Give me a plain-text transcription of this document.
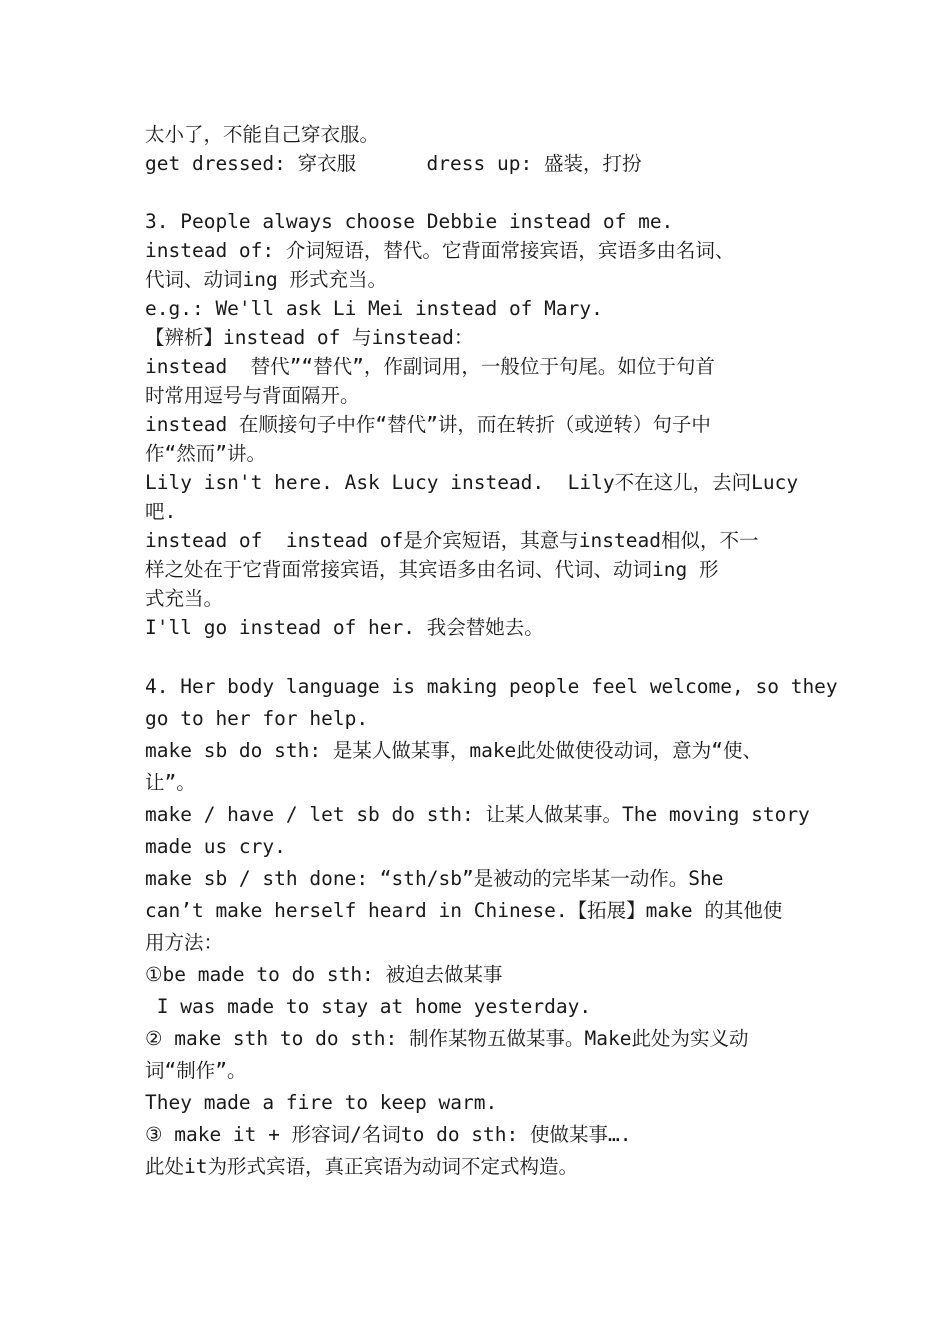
太小了，不能自己穿衣服。
get dressed: 穿衣服      dress up: 盛装，打扮
3. People always choose Debbie instead of me.
instead of: 介词短语，替代。它背面常接宾语，宾语多由名词、
代词、动词ing 形式充当。
e.g.: We'll ask Li Mei instead of Mary.
【辨析】instead of 与instead：
instead  替代”“替代”，作副词用，一般位于句尾。如位于句首
时常用逗号与背面隔开。
instead 在顺接句子中作“替代”讲，而在转折（或逆转）句子中
作“然而”讲。
Lily isn't here. Ask Lucy instead.  Lily不在这儿，去问Lucy
吧.
instead of  instead of是介宾短语，其意与instead相似，不一
样之处在于它背面常接宾语，其宾语多由名词、代词、动词ing 形
式充当。
I'll go instead of her. 我会替她去。
4. Her body language is making people feel welcome, so they
go to her for help.
make sb do sth: 是某人做某事，make此处做使役动词，意为“使、
让”。
make / have / let sb do sth: 让某人做某事。The moving story
made us cry.
make sb / sth done: “sth/sb”是被动的完毕某一动作。She
can’t make herself heard in Chinese.【拓展】make 的其他使
用方法：
①be made to do sth: 被迫去做某事
I was made to stay at home yesterday.
② make sth to do sth: 制作某物五做某事。Make此处为实义动
词“制作”。
They made a fire to keep warm.
③ make it + 形容词/名词to do sth: 使做某事….
此处it为形式宾语，真正宾语为动词不定式构造。
